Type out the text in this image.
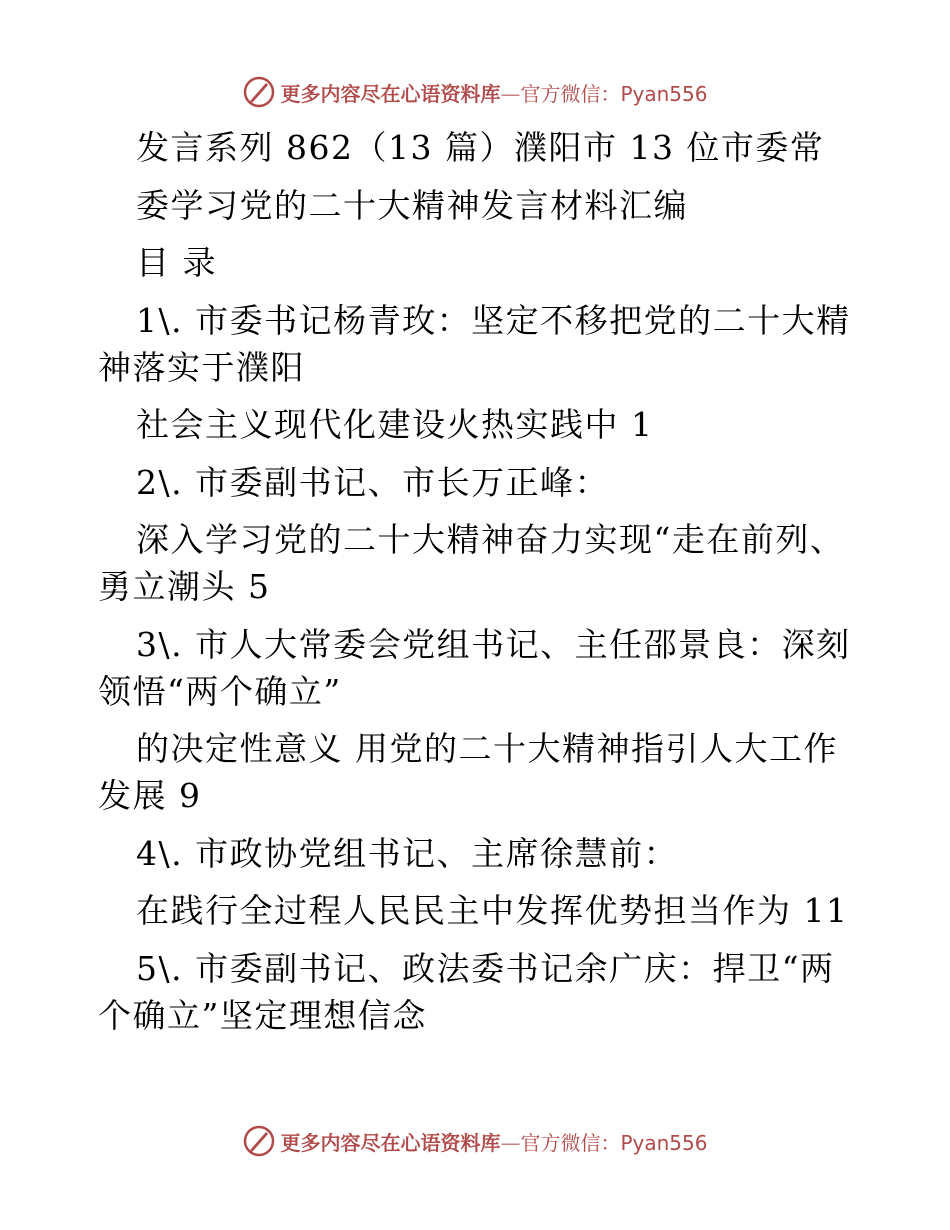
更多内容尽在心语资料库—官方微信：Pyan556
发言系列 862（13 篇）濮阳市 13 位市委常
委学习党的二十大精神发言材料汇编
目 录
1\. 市委书记杨青玫：坚定不移把党的二十大精
神落实于濮阳
社会主义现代化建设火热实践中 1
2\. 市委副书记、市长万正峰：
深入学习党的二十大精神奋力实现“走在前列、
勇立潮头 5
3\. 市人大常委会党组书记、主任邵景良：深刻
领悟“两个确立”
的决定性意义 用党的二十大精神指引人大工作
发展 9
4\. 市政协党组书记、主席徐慧前：
在践行全过程人民民主中发挥优势担当作为 11
5\. 市委副书记、政法委书记余广庆：捍卫“两
个确立”坚定理想信念
更多内容尽在心语资料库—官方微信：Pyan556
